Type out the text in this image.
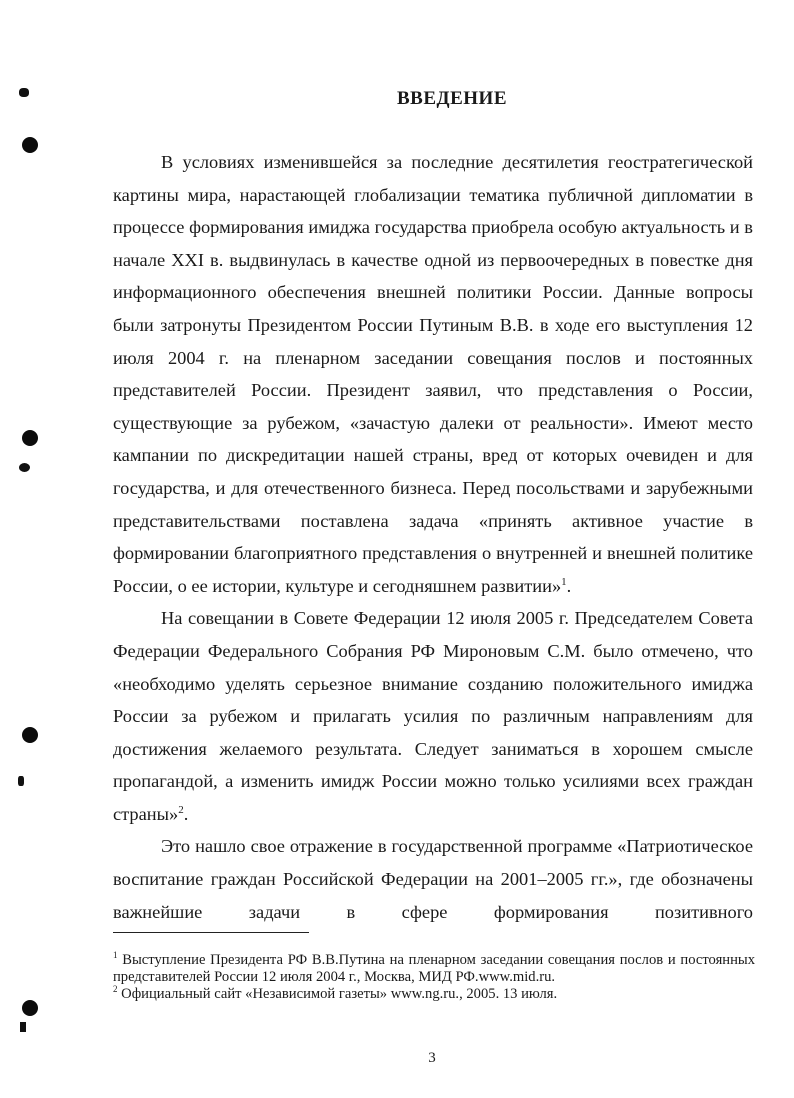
ВВЕДЕНИЕ

В условиях изменившейся за последние десятилетия геостратегической картины мира, нарастающей глобализации тематика публичной дипломатии в процессе формирования имиджа государства приобрела особую актуальность и в начале XXI в. выдвинулась в качестве одной из первоочередных в повестке дня информационного обеспечения внешней политики России. Данные вопросы были затронуты Президентом России Путиным В.В. в ходе его выступления 12 июля 2004 г. на пленарном заседании совещания послов и постоянных представителей России. Президент заявил, что представления о России, существующие за рубежом, «зачастую далеки от реальности». Имеют место кампании по дискредитации нашей страны, вред от которых очевиден и для государства, и для отечественного бизнеса. Перед посольствами и зарубежными представительствами поставлена задача «принять активное участие в формировании благоприятного представления о внутренней и внешней политике России, о ее истории, культуре и сегодняшнем развитии»$^1$.

На совещании в Совете Федерации 12 июля 2005 г. Председателем Совета Федерации Федерального Собрания РФ Мироновым С.М. было отмечено, что «необходимо уделять серьезное внимание созданию положительного имиджа России за рубежом и прилагать усилия по различным направлениям для достижения желаемого результата. Следует заниматься в хорошем смысле пропагандой, а изменить имидж России можно только усилиями всех граждан страны»$^2$.

Это нашло свое отражение в государственной программе «Патриотическое воспитание граждан Российской Федерации на 2001–2005 гг.», где обозначены важнейшие задачи в сфере формирования позитивного

$^1$ Выступление Президента РФ В.В.Путина на пленарном заседании совещания послов и постоянных представителей России 12 июля 2004 г., Москва, МИД РФ.www.mid.ru.

$^2$ Официальный сайт «Независимой газеты» www.ng.ru., 2005. 13 июля.

3
